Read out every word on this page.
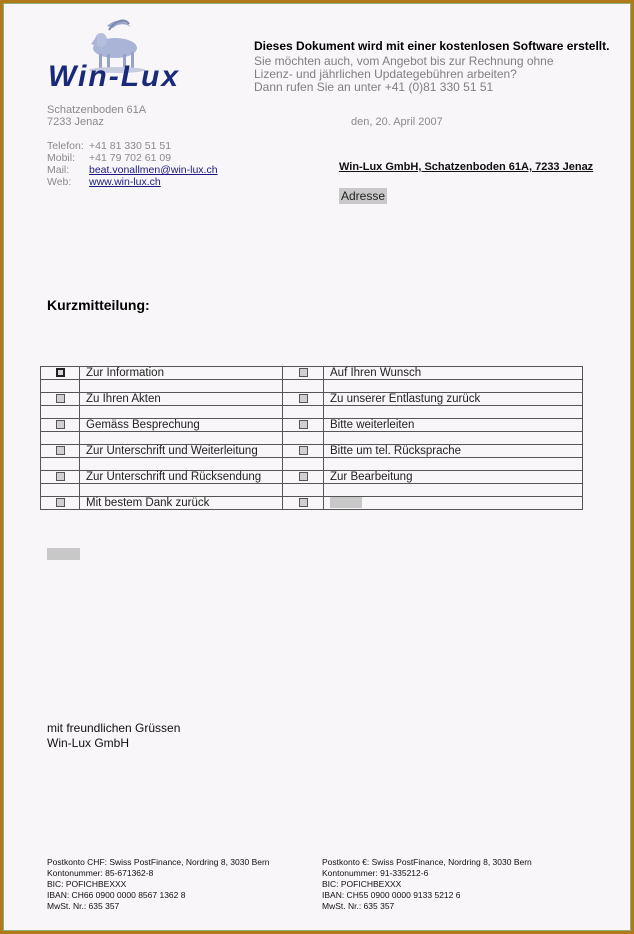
Win-Lux
Dieses Dokument wird mit einer kostenlosen Software erstellt.
Sie möchten auch, vom Angebot bis zur Rechnung ohne
Lizenz- und jährlichen Updategebühren arbeiten?
Dann rufen Sie an unter +41 (0)81 330 51 51
Schatzenboden 61A
7233 Jenaz	den, 20. April 2007
Telefon: +41 81 330 51 51
Mobil: +41 79 702 61 09
Mail: beat.vonallmen@win-lux.ch
Web: www.win-lux.ch
Win-Lux GmbH, Schatzenboden 61A, 7233 Jenaz
Adresse
Kurzmitteilung:
	Zur Information		Auf Ihren Wunsch

	Zu Ihren Akten		Zu unserer Entlastung zurück

	Gemäss Besprechung		Bitte weiterleiten

	Zur Unterschrift und Weiterleitung		Bitte um tel. Rücksprache

	Zur Unterschrift und Rücksendung		Zur Bearbeitung

	Mit bestem Dank zurück		
mit freundlichen Grüssen
Win-Lux GmbH
Postkonto CHF: Swiss PostFinance, Nordring 8, 3030 Bern
Kontonummer: 85-671362-8
BIC: POFICHBEXXX
IBAN: CH66 0900 0000 8567 1362 8
MwSt. Nr.: 635 357
Postkonto €: Swiss PostFinance, Nordring 8, 3030 Bern
Kontonummer: 91-335212-6
BIC: POFICHBEXXX
IBAN: CH55 0900 0000 9133 5212 6
MwSt. Nr.: 635 357
